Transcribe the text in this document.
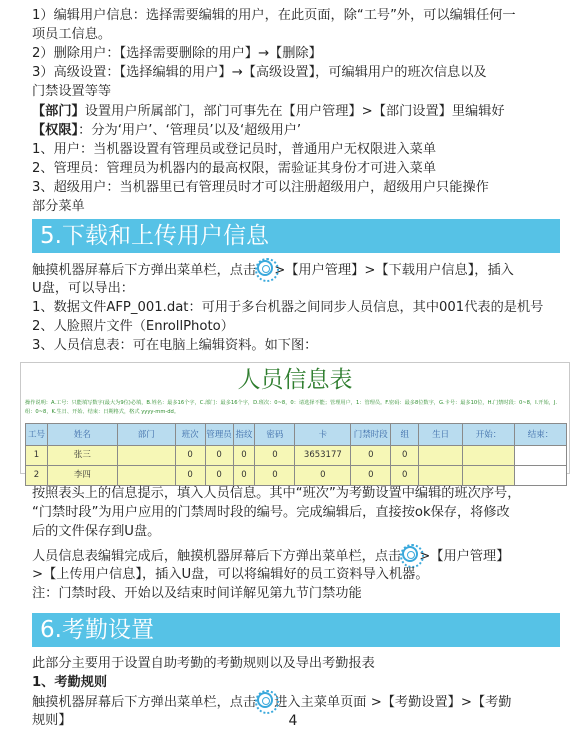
1）编辑用户信息：选择需要编辑的用户，在此页面，除“工号”外，可以编辑任何一
项员工信息。
2）删除用户：【选择需要删除的用户】→【删除】
3）高级设置：【选择编辑的用户】→【高级设置】，可编辑用户的班次信息以及
门禁设置等等
【部门】设置用户所属部门，部门可事先在【用户管理】>【部门设置】里编辑好
【权限】：分为‘用户’、‘管理员’以及‘超级用户’
1、用户：当机器设置有管理员或登记员时，普通用户无权限进入菜单
2、管理员：管理员为机器内的最高权限，需验证其身份才可进入菜单
3、超级用户：当机器里已有管理员时才可以注册超级用户，超级用户只能操作
部分菜单
5.下载和上传用户信息
触摸机器屏幕后下方弹出菜单栏，点击 >【用户管理】>【下载用户信息】，插入
U盘，可以导出：
1、数据文件AFP_001.dat：可用于多台机器之间同步人员信息，其中001代表的是机号
2、人脸照片文件（EnrollPhoto）
3、人员信息表：可在电脑上编辑资料。如下图：
人员信息表
操作说明：A.工号：只能填写数字(最大为9位)必填，B.姓名：最多16个字，C.部门：最多16个字，D.班次：0~8，0：请选择不能；管理用户，1：管理员。F.密码：最多8位数字，G.卡号：最多10位，H.门禁时段：0~8，I.开始，J.组：0~8，K.生日、开始、结束：日期格式，格式 yyyy-mm-dd。
工号	姓名	部门	班次	管理员	指纹	密码	卡	门禁时段	组	生日	开始：	结束：
1	张三		0	0	0	0	3653177	0	0			
2	李四		0	0	0	0	0	0	0			
按照表头上的信息提示，填入人员信息。其中“班次”为考勤设置中编辑的班次序号，
“门禁时段”为用户应用的门禁周时段的编号。完成编辑后，直接按ok保存，将修改
后的文件保存到U盘。
人员信息表编辑完成后，触摸机器屏幕后下方弹出菜单栏，点击 >【用户管理】
>【上传用户信息】，插入U盘，可以将编辑好的员工资料导入机器。
注：门禁时段、开始以及结束时间详解见第九节门禁功能
6.考勤设置
此部分主要用于设置自助考勤的考勤规则以及导出考勤报表
1、考勤规则
触摸机器屏幕后下方弹出菜单栏，点击 进入主菜单页面 >【考勤设置】>【考勤
规则】	4
